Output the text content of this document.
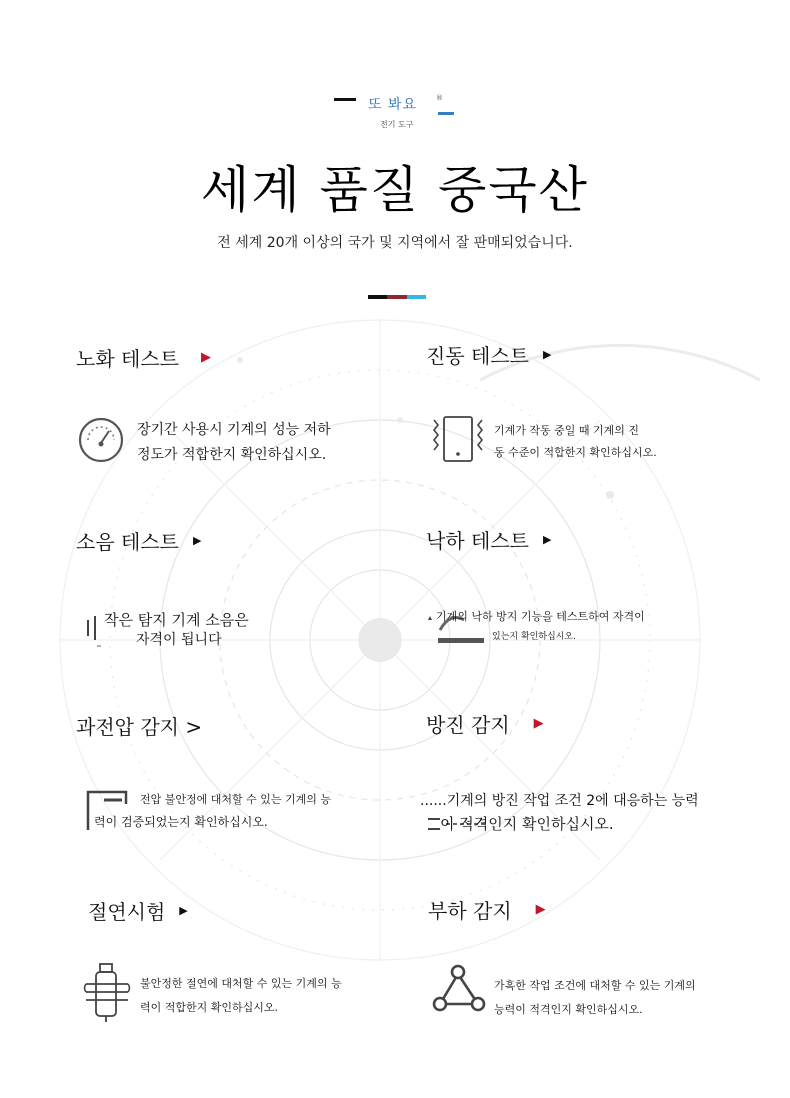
또 봐요	®
전기 도구
세계 품질 중국산
전 세계 20개 이상의 국가 및 지역에서 잘 판매되었습니다.
노화 테스트 ▶
장기간 사용시 기계의 성능 저하
정도가 적합한지 확인하십시오.
진동 테스트 ▶
기계가 작동 중일 때 기계의 진
동 수준이 적합한지 확인하십시오.
소음 테스트 ▶
작은 탐지 기계 소음은
자격이 됩니다
낙하 테스트 ▶
기계의 낙하 방지 기능을 테스트하여 자격이
있는지 확인하십시오.
과전압 감지 >
전압 불안정에 대처할 수 있는 기계의 능
력이 검증되었는지 확인하십시오.
방진 감지 ▶
......기계의 방진 작업 조건 2에 대응하는 능력
이 적격인지 확인하십시오.
절연시험 ▶
불안정한 절연에 대처할 수 있는 기계의 능
력이 적합한지 확인하십시오.
부하 감지 ▶
가혹한 작업 조건에 대처할 수 있는 기계의
능력이 적격인지 확인하십시오.
